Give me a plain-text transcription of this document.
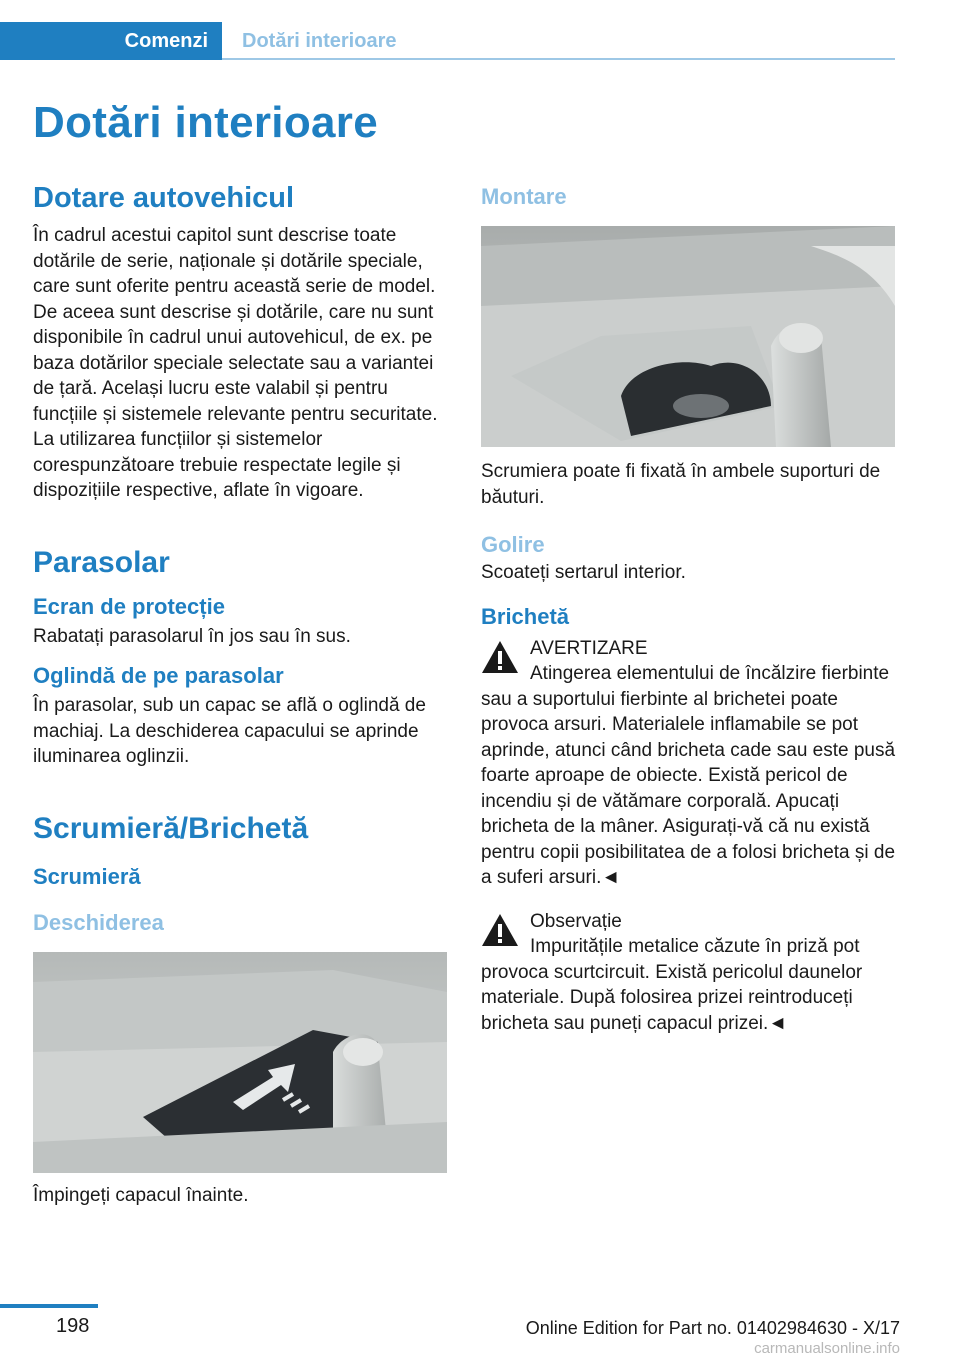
Comenzi	Dotări interioare
Dotări interioare
Dotare autovehicul

În cadrul acestui capitol sunt descrise toate dotările de serie, naționale și dotările speciale, care sunt oferite pentru această serie de model. De aceea sunt descrise și dotările, care nu sunt disponibile în cadrul unui autovehicul, de ex. pe baza dotărilor speciale selectate sau a variantei de țară. Același lucru este valabil și pentru funcțiile și sistemele relevante pentru securitate. La utilizarea funcțiilor și sistemelor corespunzătoare trebuie respectate legile și dispozițiile respective, aflate în vigoare.

Parasolar
Ecran de protecție

Rabatați parasolarul în jos sau în sus.

Oglindă de pe parasolar

În parasolar, sub un capac se află o oglindă de machiaj. La deschiderea capacului se aprinde iluminarea oglinzii.

Scrumieră/Brichetă
Scrumieră
Deschiderea

Împingeți capacul înainte.

Montare

Scrumiera poate fi fixată în ambele suporturi de băuturi.

Golire

Scoateți sertarul interior.

Brichetă

AVERTIZARE

Atingerea elementului de încălzire fierbinte sau a suportului fierbinte al brichetei poate provoca arsuri. Materialele inflamabile se pot aprinde, atunci când bricheta cade sau este pusă foarte aproape de obiecte. Există pericol de incendiu și de vătămare corporală. Apucați bricheta de la mâner. Asigurați-vă că nu există pentru copii posibilitatea de a folosi bricheta și de a suferi arsuri.◄

Observație

Impuritățile metalice căzute în priză pot provoca scurtcircuit. Există pericolul daunelor materiale. După folosirea prizei reintroduceți bricheta sau puneți capacul prizei.◄

198	Online Edition for Part no. 01402984630 - X/17
carmanualsonline.info
